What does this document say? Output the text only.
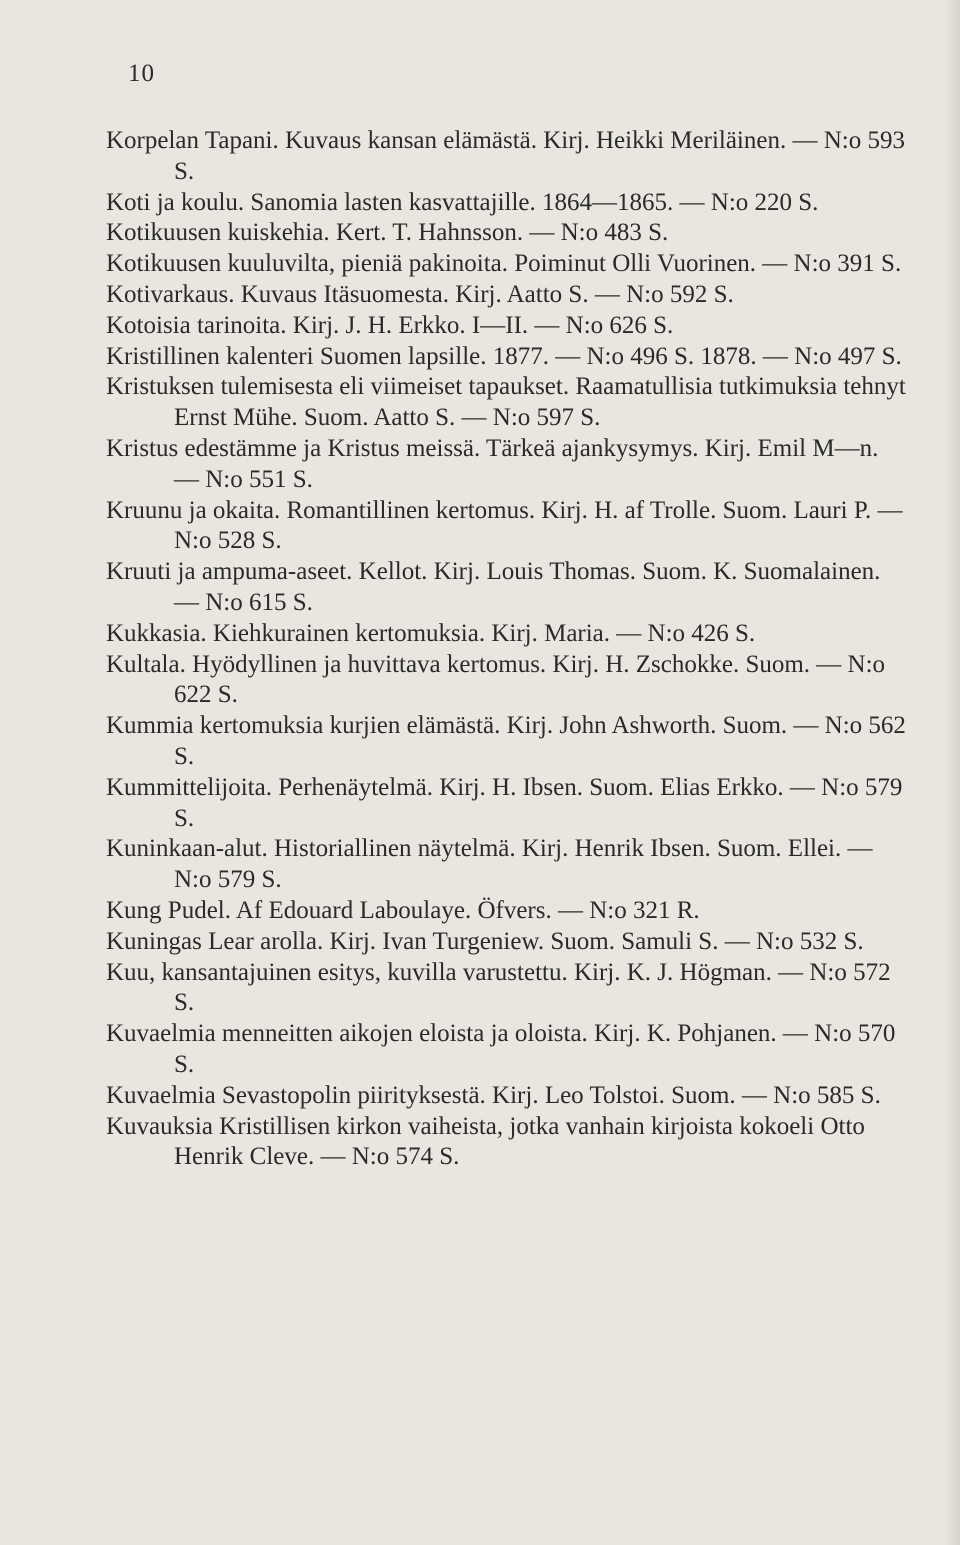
10

Korpelan Tapani. Kuvaus kansan elämästä. Kirj. Heikki Meriläinen. — N:o 593 S.

Koti ja koulu. Sanomia lasten kasvattajille. 1864—1865. — N:o 220 S.

Kotikuusen kuiskehia. Kert. T. Hahnsson. — N:o 483 S.

Kotikuusen kuuluvilta, pieniä pakinoita. Poiminut Olli Vuorinen. — N:o 391 S.

Kotivarkaus. Kuvaus Itäsuomesta. Kirj. Aatto S. — N:o 592 S.

Kotoisia tarinoita. Kirj. J. H. Erkko. I—II. — N:o 626 S.

Kristillinen kalenteri Suomen lapsille. 1877. — N:o 496 S. 1878. — N:o 497 S.

Kristuksen tulemisesta eli viimeiset tapaukset. Raamatullisia tutkimuksia tehnyt Ernst Mühe. Suom. Aatto S. — N:o 597 S.

Kristus edestämme ja Kristus meissä. Tärkeä ajankysymys. Kirj. Emil M—n. — N:o 551 S.

Kruunu ja okaita. Romantillinen kertomus. Kirj. H. af Trolle. Suom. Lauri P. — N:o 528 S.

Kruuti ja ampuma-aseet. Kellot. Kirj. Louis Thomas. Suom. K. Suomalainen. — N:o 615 S.

Kukkasia. Kiehkurainen kertomuksia. Kirj. Maria. — N:o 426 S.

Kultala. Hyödyllinen ja huvittava kertomus. Kirj. H. Zschokke. Suom. — N:o 622 S.

Kummia kertomuksia kurjien elämästä. Kirj. John Ashworth. Suom. — N:o 562 S.

Kummittelijoita. Perhenäytelmä. Kirj. H. Ibsen. Suom. Elias Erkko. — N:o 579 S.

Kuninkaan-alut. Historiallinen näytelmä. Kirj. Henrik Ibsen. Suom. Ellei. — N:o 579 S.

Kung Pudel. Af Edouard Laboulaye. Öfvers. — N:o 321 R.

Kuningas Lear arolla. Kirj. Ivan Turgeniew. Suom. Samuli S. — N:o 532 S.

Kuu, kansantajuinen esitys, kuvilla varustettu. Kirj. K. J. Högman. — N:o 572 S.

Kuvaelmia menneitten aikojen eloista ja oloista. Kirj. K. Pohjanen. — N:o 570 S.

Kuvaelmia Sevastopolin piirityksestä. Kirj. Leo Tolstoi. Suom. — N:o 585 S.

Kuvauksia Kristillisen kirkon vaiheista, jotka vanhain kirjoista kokoeli Otto Henrik Cleve. — N:o 574 S.
